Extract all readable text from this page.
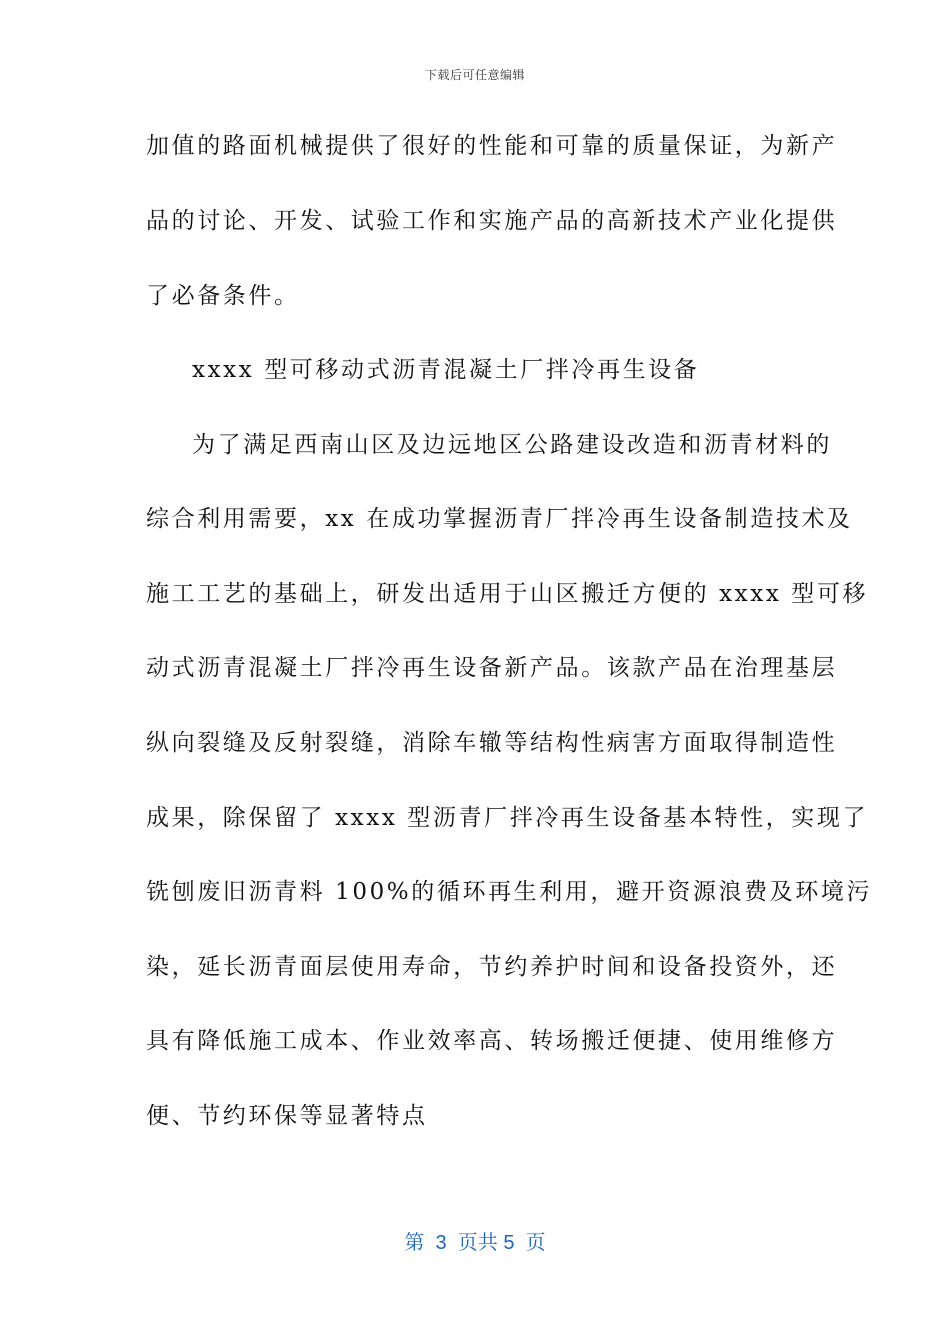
下载后可任意编辑
加值的路面机械提供了很好的性能和可靠的质量保证，为新产
品的讨论、开发、试验工作和实施产品的高新技术产业化提供
了必备条件。
xxxx 型可移动式沥青混凝土厂拌冷再生设备
为了满足西南山区及边远地区公路建设改造和沥青材料的
综合利用需要，xx 在成功掌握沥青厂拌冷再生设备制造技术及
施工工艺的基础上，研发出适用于山区搬迁方便的 xxxx 型可移
动式沥青混凝土厂拌冷再生设备新产品。该款产品在治理基层
纵向裂缝及反射裂缝，消除车辙等结构性病害方面取得制造性
成果，除保留了 xxxx 型沥青厂拌冷再生设备基本特性，实现了
铣刨废旧沥青料 100%的循环再生利用，避开资源浪费及环境污
染，延长沥青面层使用寿命，节约养护时间和设备投资外，还
具有降低施工成本、作业效率高、转场搬迁便捷、使用维修方
便、节约环保等显著特点
第  3  页共 5  页
